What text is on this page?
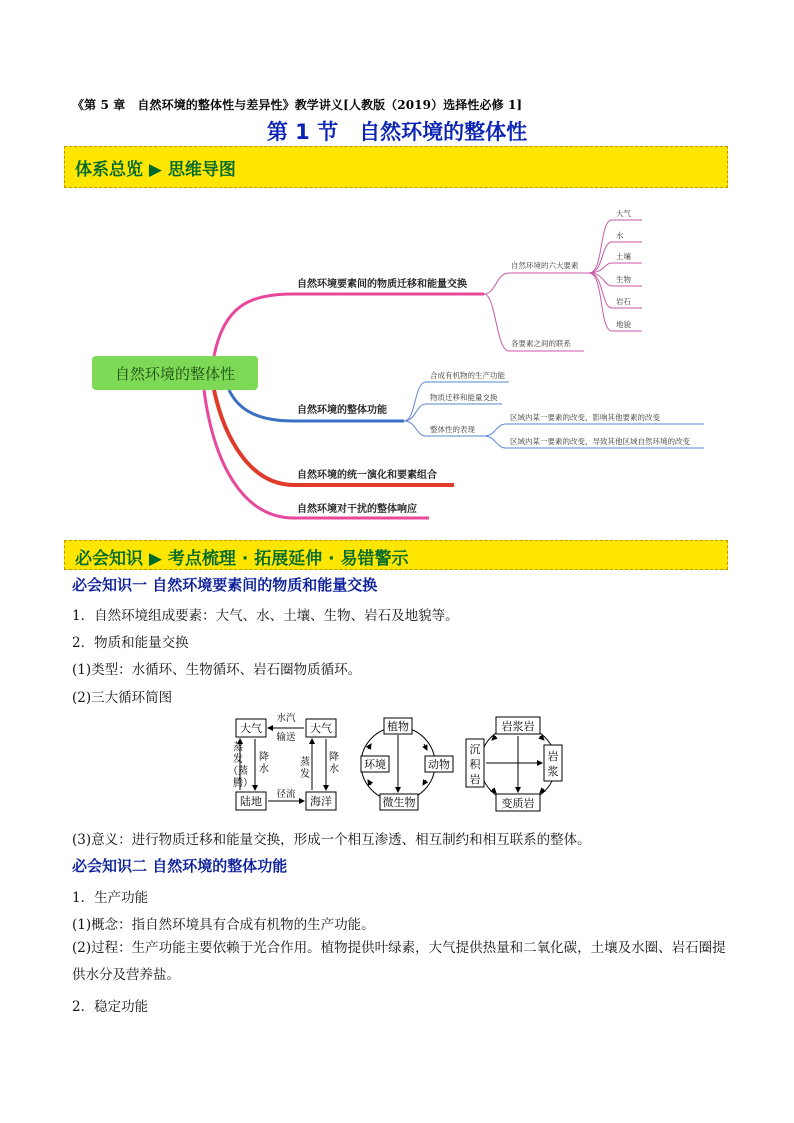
《第 5 章　自然环境的整体性与差异性》教学讲义[人教版（2019）选择性必修 1]
第 1 节　自然环境的整体性
体系总览 ▶ 思维导图
自然环境的整体性
自然环境要素间的物质迁移和能量交换
自然环境的六大要素
各要素之间的联系
大气
水
土壤
生物
岩石
地貌
自然环境的整体功能
合成有机物的生产功能
物质迁移和能量交换
整体性的表现
区域内某一要素的改变，影响其他要素的改变
区域内某一要素的改变，导致其他区域自然环境的改变
自然环境的统一演化和要素组合
自然环境对干扰的整体响应
必会知识 ▶ 考点梳理 · 拓展延伸 · 易错警示
必会知识一 自然环境要素间的物质和能量交换
1．自然环境组成要素：大气、水、土壤、生物、岩石及地貌等。
2．物质和能量交换
(1)类型：水循环、生物循环、岩石圈物质循环。
(2)三大循环简图
大气	大气
陆地	海洋
水汽
输送
蒸
发
（蒸
腾）
降
水
蒸
发
降
水
径流
植物
环境	动物
微生物
岩浆岩
变质岩
沉
积
岩
岩
浆
(3)意义：进行物质迁移和能量交换，形成一个相互渗透、相互制约和相互联系的整体。
必会知识二 自然环境的整体功能
1．生产功能
(1)概念：指自然环境具有合成有机物的生产功能。
(2)过程：生产功能主要依赖于光合作用。植物提供叶绿素，大气提供热量和二氧化碳，土壤及水圈、岩石圈提供水分及营养盐。
2．稳定功能
